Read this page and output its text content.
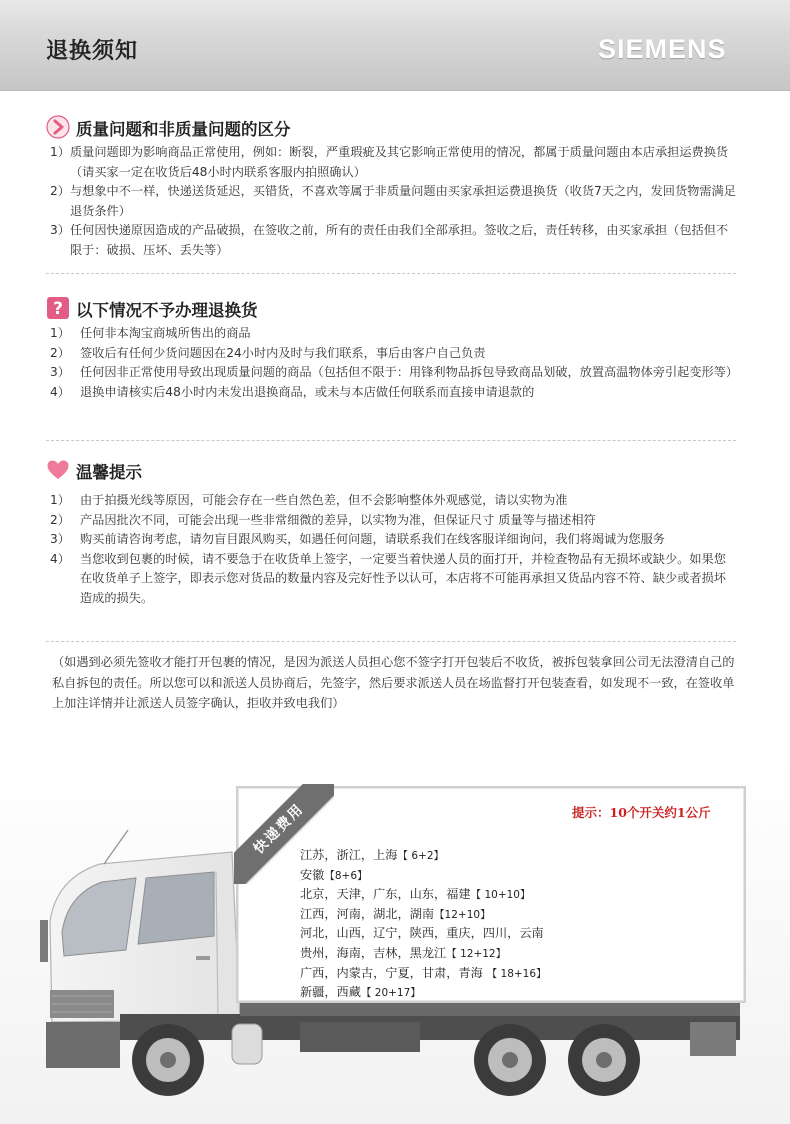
退换须知	SIEMENS
质量问题和非质量问题的区分
1） 质量问题即为影响商品正常使用，例如：断裂，严重瑕疵及其它影响正常使用的情况，都属于质量问题由本店承担运费换货（请买家一定在收货后48小时内联系客服内拍照确认）
2） 与想象中不一样，快递送货延迟，买错货，不喜欢等属于非质量问题由买家承担运费退换货（收货7天之内，发回货物需满足退货条件）
3） 任何因快递原因造成的产品破损，在签收之前，所有的责任由我们全部承担。签收之后，责任转移，由买家承担（包括但不限于：破损、压坏、丢失等）
? 以下情况不予办理退换货
1） 任何非本淘宝商城所售出的商品
2） 签收后有任何少货问题因在24小时内及时与我们联系，事后由客户自己负责
3） 任何因非正常使用导致出现质量问题的商品（包括但不限于：用锋利物品拆包导致商品划破，放置高温物体旁引起变形等）
4） 退换申请核实后48小时内未发出退换商品，或未与本店做任何联系而直接申请退款的
温馨提示
1） 由于拍摄光线等原因，可能会存在一些自然色差，但不会影响整体外观感觉，请以实物为准
2） 产品因批次不同，可能会出现一些非常细微的差异，以实物为准，但保证尺寸 质量等与描述相符
3） 购买前请咨询考虑，请勿盲目跟风购买，如遇任何问题，请联系我们在线客服详细询问，我们将竭诚为您服务
4） 当您收到包裹的时候，请不要急于在收货单上签字，一定要当着快递人员的面打开，并检查物品有无损坏或缺少。如果您在收货单子上签字，即表示您对货品的数量内容及完好性予以认可，本店将不可能再承担又货品内容不符、缺少或者损坏造成的损失。
（如遇到必须先签收才能打开包裹的情况，是因为派送人员担心您不签字打开包装后不收货，被拆包装拿回公司无法澄清自己的私自拆包的责任。所以您可以和派送人员协商后，先签字，然后要求派送人员在场监督打开包装查看，如发现不一致，在签收单上加注详情并让派送人员签字确认，拒收并致电我们）
快递费用	提示：10个开关约1公斤
江苏，浙江，上海【 6+2】
安徽【8+6】
北京，天津，广东，山东，福建【 10+10】
江西，河南，湖北，湖南【12+10】
河北，山西，辽宁，陕西，重庆，四川，云南
贵州，海南，吉林，黑龙江【 12+12】
广西，内蒙古，宁夏，甘肃，青海 【 18+16】
新疆，西藏【 20+17】
